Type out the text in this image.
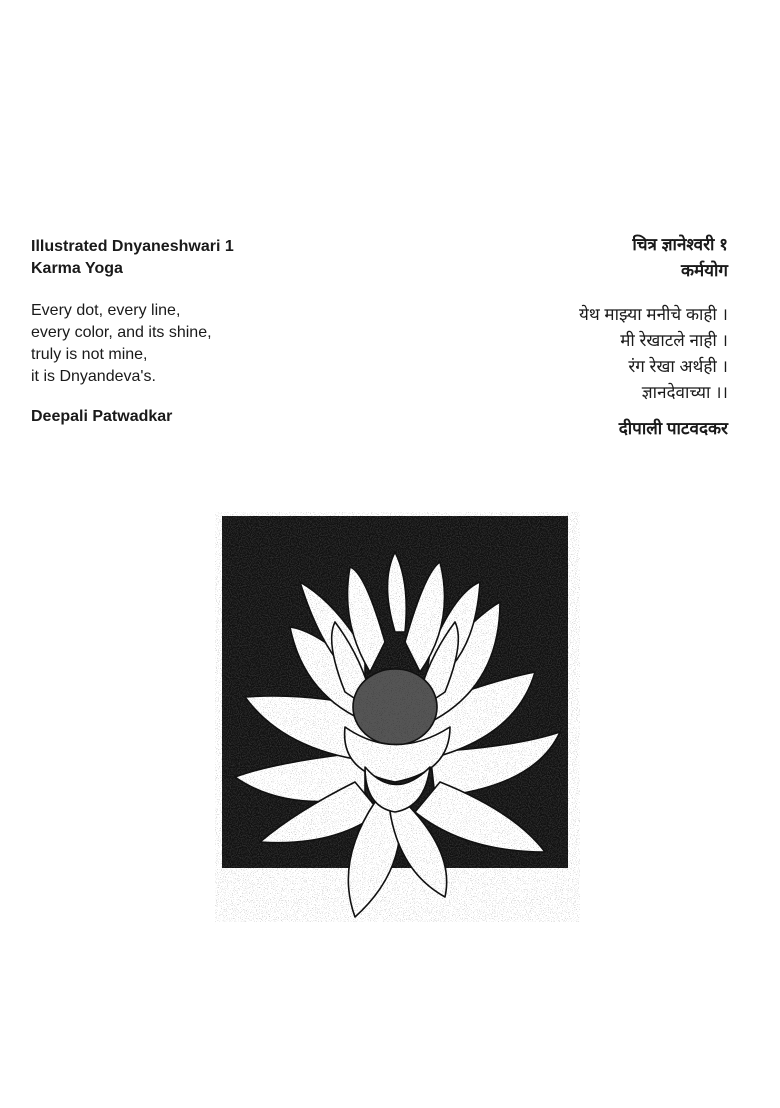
Illustrated Dnyaneshwari 1
Karma Yoga
Every dot, every line,
every color, and its shine,
truly is not mine,
it is Dnyandeva's.
Deepali Patwadkar
चित्र ज्ञानेश्वरी १
कर्मयोग
येथ माझ्या मनीचे काही ।
मी रेखाटले नाही ।
रंग रेखा अर्थही ।
ज्ञानदेवाच्या ।।
दीपाली पाटवदकर
